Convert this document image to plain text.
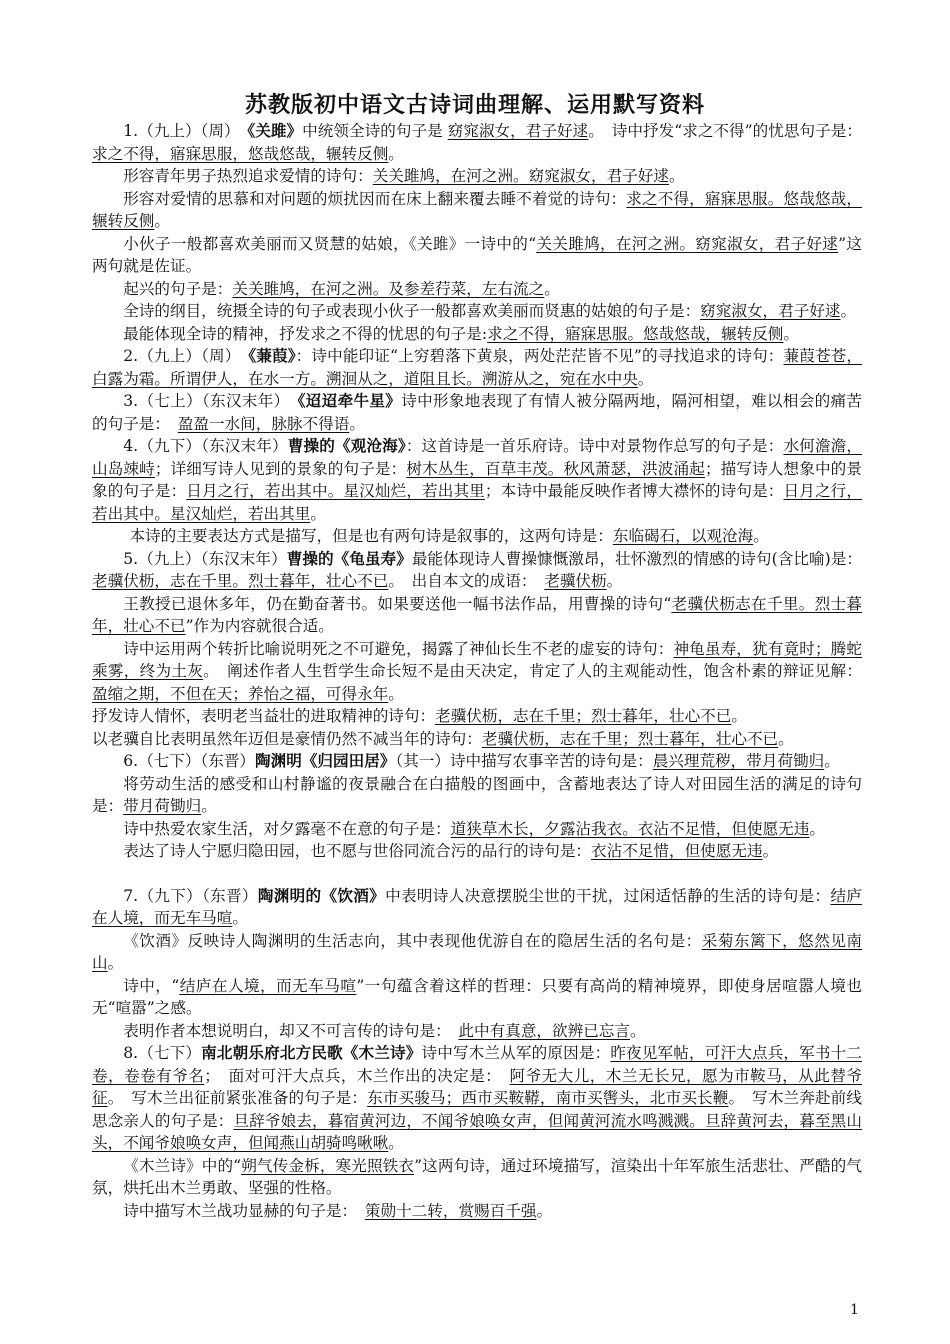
苏教版初中语文古诗词曲理解、运用默写资料

1.（九上）（周）　《关雎》中统领全诗的句子是 窈窕淑女，君子好逑。　诗中抒发“求之不得”的忧思句子是：求之不得，寤寐思服，悠哉悠哉，辗转反侧。

形容青年男子热烈追求爱情的诗句：关关雎鸠，在河之洲。窈窕淑女，君子好逑。

形容对爱情的思慕和对问题的烦扰因而在床上翻来覆去睡不着觉的诗句：求之不得，寤寐思服。悠哉悠哉，辗转反侧。

小伙子一般都喜欢美丽而又贤慧的姑娘，《关雎》一诗中的“关关雎鸠，在河之洲。窈窕淑女，君子好逑”这两句就是佐证。

起兴的句子是：关关雎鸠，在河之洲。及参差荇菜，左右流之。

全诗的纲目，统摄全诗的句子或表现小伙子一般都喜欢美丽而贤惠的姑娘的句子是：窈窕淑女，君子好逑。

最能体现全诗的精神，抒发求之不得的忧思的句子是:求之不得，寤寐思服。悠哉悠哉，辗转反侧。

2.（九上）（周）　《蒹葭》：诗中能印证“上穷碧落下黄泉，两处茫茫皆不见”的寻找追求的诗句：蒹葭苍苍，白露为霜。所谓伊人，在水一方。溯洄从之，道阻且长。溯游从之，宛在水中央。

3.（七上）（东汉末年）　《迢迢牵牛星》诗中形象地表现了有情人被分隔两地，隔河相望，难以相会的痛苦的句子是：　盈盈一水间，脉脉不得语。

4.（九下）（东汉末年）曹操的《观沧海》：这首诗是一首乐府诗。诗中对景物作总写的句子是：水何澹澹，山岛竦峙；详细写诗人见到的景象的句子是：树木丛生，百草丰茂。秋风萧瑟，洪波涌起；描写诗人想象中的景象的句子是：日月之行，若出其中。星汉灿烂，若出其里；本诗中最能反映作者博大襟怀的诗句是：日月之行，若出其中。星汉灿烂，若出其里。

本诗的主要表达方式是描写，但是也有两句诗是叙事的，这两句诗是：东临碣石，以观沧海。

5.（九上）（东汉末年）曹操的《龟虽寿》最能体现诗人曹操慷慨激昂，壮怀激烈的情感的诗句(含比喻)是：老骥伏枥，志在千里。烈士暮年，壮心不已。　出自本文的成语：　老骥伏枥。

王教授已退休多年，仍在勤奋著书。如果要送他一幅书法作品，用曹操的诗句“老骥伏枥志在千里。烈士暮年，壮心不已”作为内容就很合适。

诗中运用两个转折比喻说明死之不可避免，揭露了神仙长生不老的虚妄的诗句：神龟虽寿，犹有竟时；腾蛇乘雾，终为土灰。　阐述作者人生哲学生命长短不是由天决定，肯定了人的主观能动性，饱含朴素的辩证见解：盈缩之期，不但在天；养怡之福，可得永年。

抒发诗人情怀，表明老当益壮的进取精神的诗句：老骥伏枥，志在千里；烈士暮年，壮心不已。

以老骥自比表明虽然年迈但是豪情仍然不减当年的诗句：老骥伏枥，志在千里；烈士暮年，壮心不已。

6.（七下）（东晋）陶渊明《归园田居》（其一）诗中描写农事辛苦的诗句是：晨兴理荒秽，带月荷锄归。

将劳动生活的感受和山村静谧的夜景融合在白描般的图画中，含蓄地表达了诗人对田园生活的满足的诗句是：带月荷锄归。

诗中热爱农家生活，对夕露毫不在意的句子是：道狭草木长，夕露沾我衣。衣沾不足惜，但使愿无违。

表达了诗人宁愿归隐田园，也不愿与世俗同流合污的品行的诗句是：衣沾不足惜，但使愿无违。

7.（九下）（东晋）陶渊明的《饮酒》中表明诗人决意摆脱尘世的干扰，过闲适恬静的生活的诗句是：结庐在人境，而无车马喧。

《饮酒》反映诗人陶渊明的生活志向，其中表现他优游自在的隐居生活的名句是：采菊东篱下，悠然见南山。

诗中，“结庐在人境，而无车马喧”一句蕴含着这样的哲理：只要有高尚的精神境界，即使身居喧嚣人境也无“喧嚣”之感。

表明作者本想说明白，却又不可言传的诗句是：　此中有真意，欲辨已忘言。

8.（七下）南北朝乐府北方民歌《木兰诗》诗中写木兰从军的原因是：昨夜见军帖，可汗大点兵，军书十二卷，卷卷有爷名；　面对可汗大点兵，木兰作出的决定是：　阿爷无大儿，木兰无长兄，愿为市鞍马，从此替爷征。　写木兰出征前紧张准备的句子是：东市买骏马；西市买鞍鞯，南市买辔头，北市买长鞭。　写木兰奔赴前线思念亲人的句子是：旦辞爷娘去，暮宿黄河边，不闻爷娘唤女声，但闻黄河流水鸣溅溅。旦辞黄河去，暮至黑山头，不闻爷娘唤女声，但闻燕山胡骑鸣啾啾。

《木兰诗》中的“朔气传金柝，寒光照铁衣”这两句诗，通过环境描写，渲染出十年军旅生活悲壮、严酷的气氛，烘托出木兰勇敢、坚强的性格。

诗中描写木兰战功显赫的句子是：　策勋十二转，赏赐百千强。

1
